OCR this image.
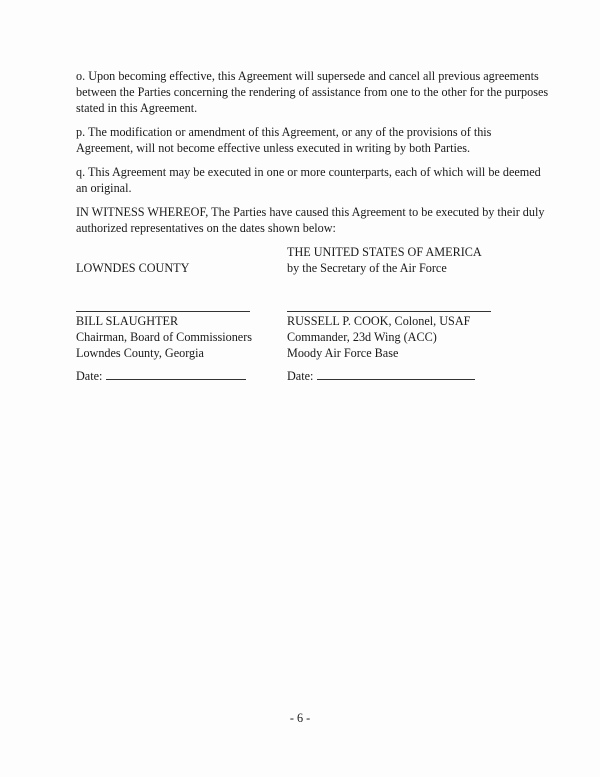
o. Upon becoming effective, this Agreement will supersede and cancel all previous agreements
between the Parties concerning the rendering of assistance from one to the other for the purposes
stated in this Agreement.

p. The modification or amendment of this Agreement, or any of the provisions of this
Agreement, will not become effective unless executed in writing by both Parties.

q. This Agreement may be executed in one or more counterparts, each of which will be deemed
an original.

IN WITNESS WHEREOF, The Parties have caused this Agreement to be executed by their duly
authorized representatives on the dates shown below:

LOWNDES COUNTY
THE UNITED STATES OF AMERICA
by the Secretary of the Air Force
BILL SLAUGHTER
Chairman, Board of Commissioners
Lowndes County, Georgia
RUSSELL P. COOK, Colonel, USAF
Commander, 23d Wing (ACC)
Moody Air Force Base
Date:	Date:
- 6 -
